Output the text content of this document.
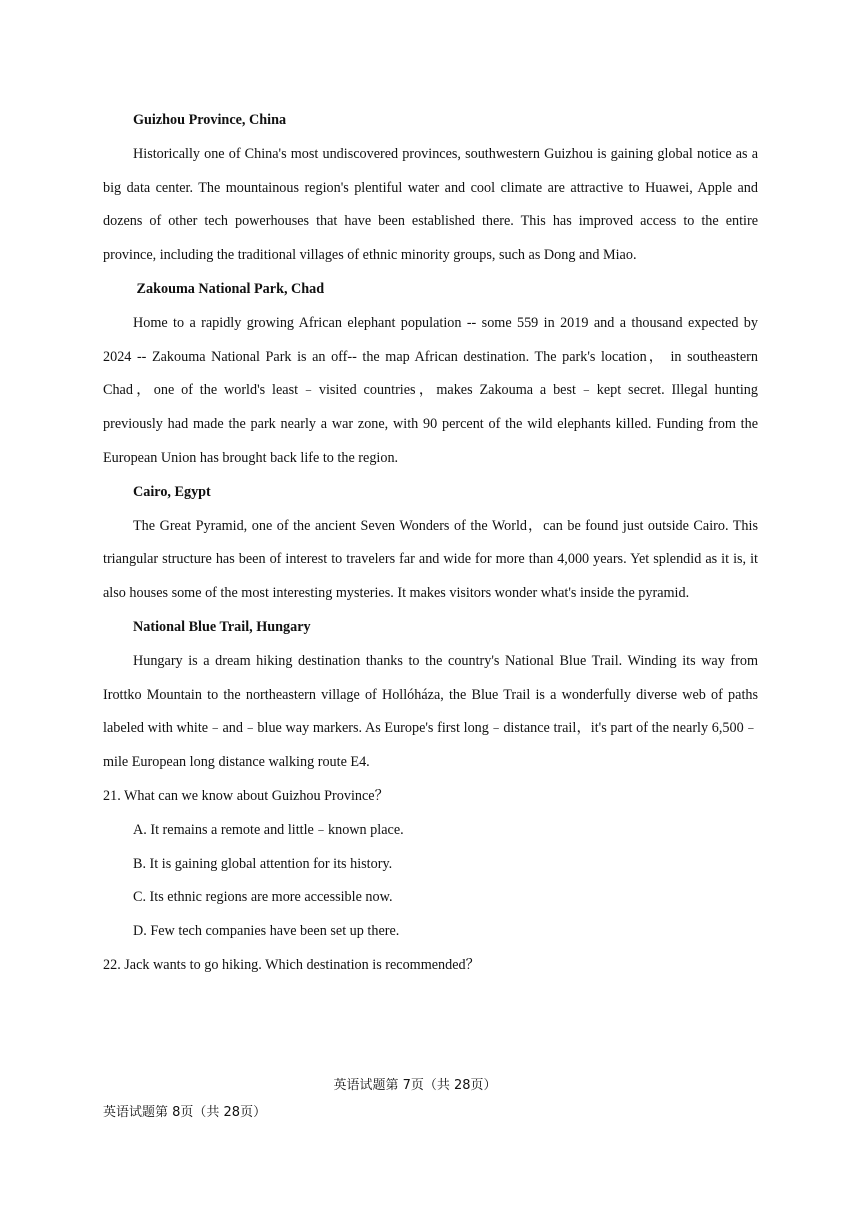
Guizhou Province, China
Historically one of China's most undiscovered provinces, southwestern Guizhou is gaining global notice as a big data center. The mountainous region's plentiful water and cool climate are attractive to Huawei, Apple and dozens of other tech powerhouses that have been established there. This has improved access to the entire province, including the traditional villages of ethnic minority groups, such as Dong and Miao.
Zakouma National Park, Chad
Home to a rapidly growing African elephant population -- some 559 in 2019 and a thousand expected by 2024 -- Zakouma National Park is an off-- the map African destination. The park's location， in southeastern Chad，one of the world's least﹣visited countries，makes Zakouma a best﹣kept secret. Illegal hunting previously had made the park nearly a war zone, with 90 percent of the wild elephants killed. Funding from the European Union has brought back life to the region.
Cairo, Egypt
The Great Pyramid, one of the ancient Seven Wonders of the World，can be found just outside Cairo. This triangular structure has been of interest to travelers far and wide for more than 4,000 years. Yet splendid as it is, it also houses some of the most interesting mysteries. It makes visitors wonder what's inside the pyramid.
National Blue Trail, Hungary
Hungary is a dream hiking destination thanks to the country's National Blue Trail. Winding its way from Irottko Mountain to the northeastern village of Hollóháza, the Blue Trail is a wonderfully diverse web of paths labeled with white﹣and﹣blue way markers. As Europe's first long﹣distance trail，it's part of the nearly 6,500﹣mile European long distance walking route E4.
21. What can we know about Guizhou Province？
A. It remains a remote and little﹣known place.
B. It is gaining global attention for its history.
C. Its ethnic regions are more accessible now.
D. Few tech companies have been set up there.
22. Jack wants to go hiking. Which destination is recommended？
英语试题第 7页（共 28页）
英语试题第 8页（共 28页）
